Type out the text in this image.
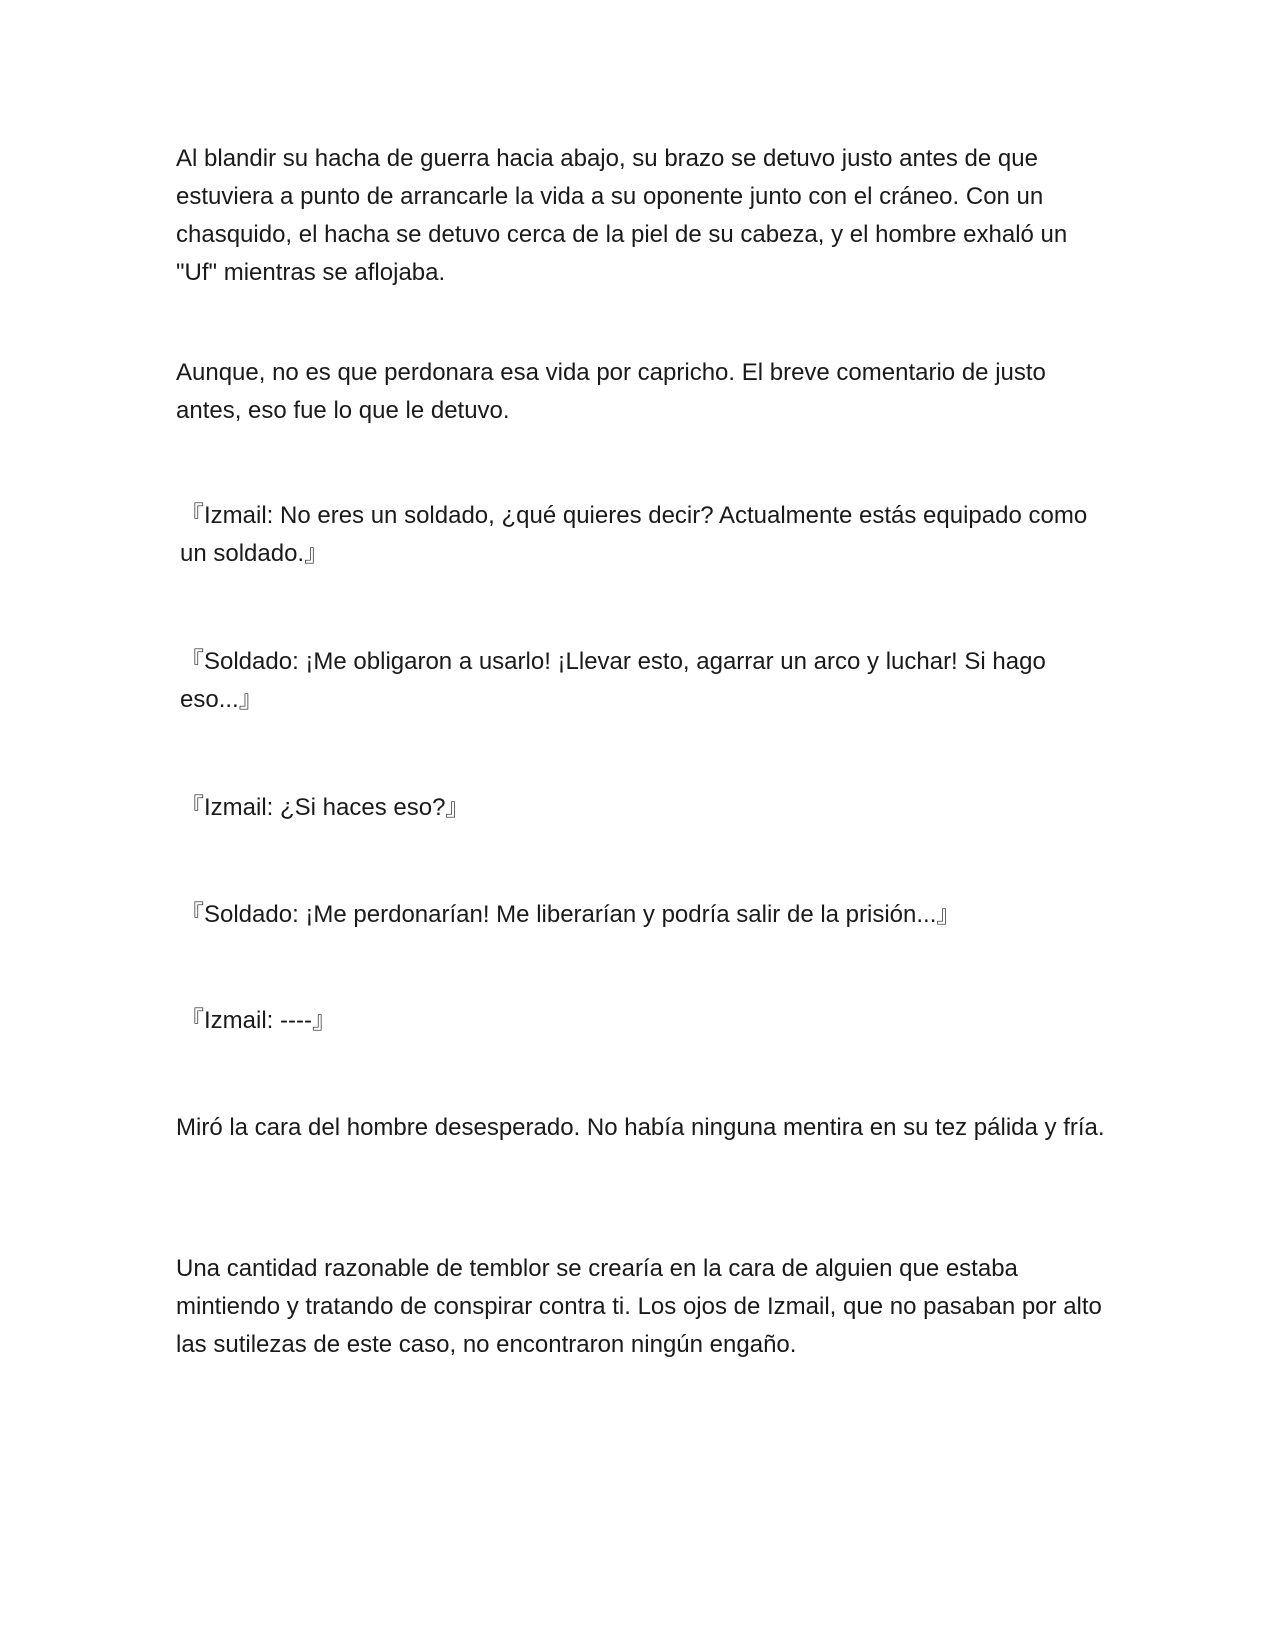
Al blandir su hacha de guerra hacia abajo, su brazo se detuvo justo antes de que estuviera a punto de arrancarle la vida a su oponente junto con el cráneo. Con un chasquido, el hacha se detuvo cerca de la piel de su cabeza, y el hombre exhaló un "Uf" mientras se aflojaba.

Aunque, no es que perdonara esa vida por capricho. El breve comentario de justo antes, eso fue lo que le detuvo.

『Izmail: No eres un soldado, ¿qué quieres decir? Actualmente estás equipado como un soldado.』

『Soldado: ¡Me obligaron a usarlo! ¡Llevar esto, agarrar un arco y luchar! Si hago eso...』

『Izmail: ¿Si haces eso?』

『Soldado: ¡Me perdonarían! Me liberarían y podría salir de la prisión...』

『Izmail: ----』

Miró la cara del hombre desesperado. No había ninguna mentira en su tez pálida y fría.

Una cantidad razonable de temblor se crearía en la cara de alguien que estaba mintiendo y tratando de conspirar contra ti. Los ojos de Izmail, que no pasaban por alto las sutilezas de este caso, no encontraron ningún engaño.
